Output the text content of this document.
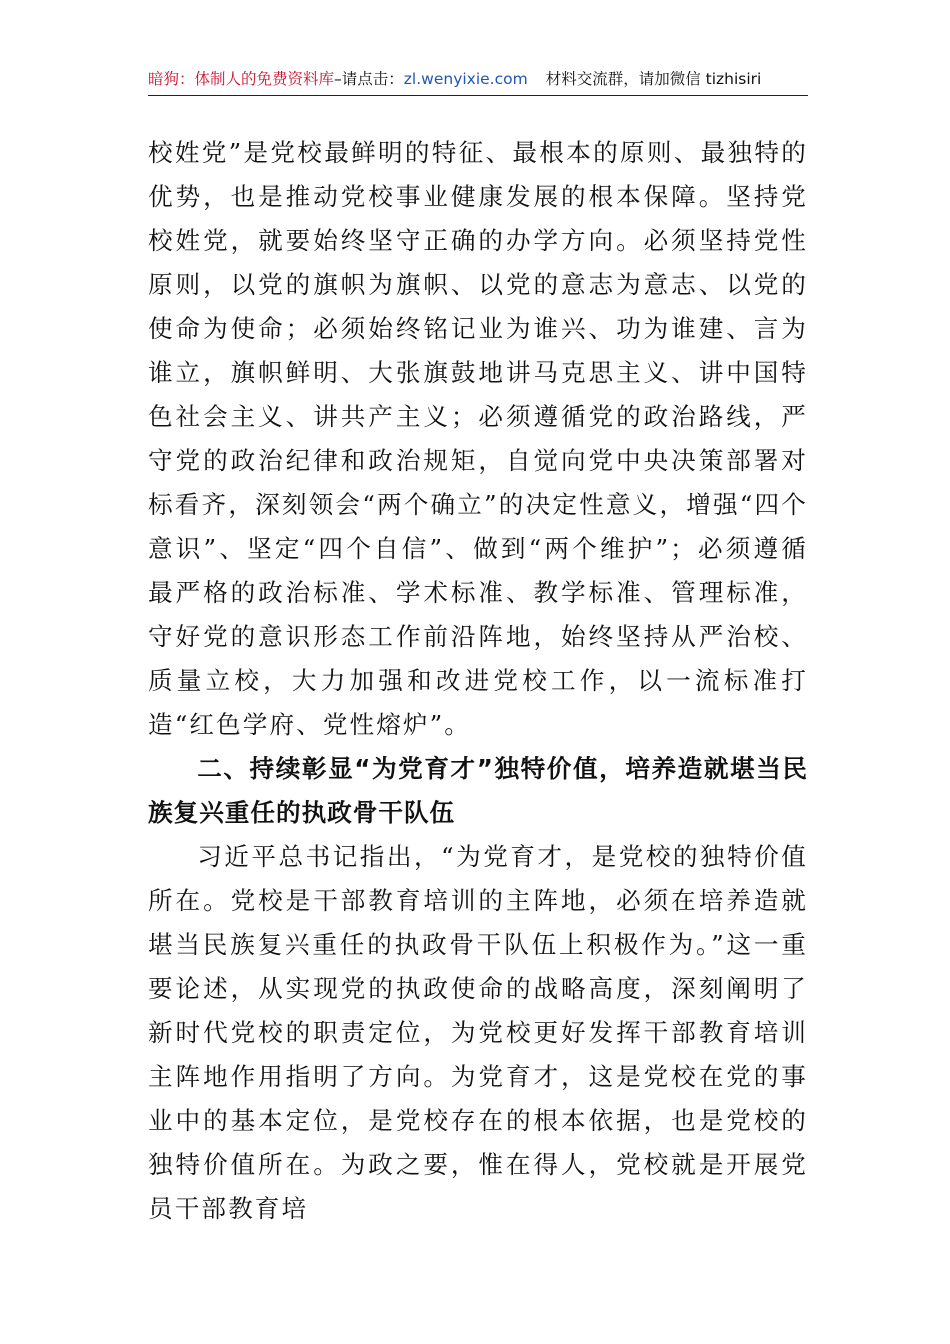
暗狗：体制人的免费资料库–请点击：zl.wenyixie.com 材料交流群，请加微信 tizhisiri

校姓党”是党校最鲜明的特征、最根本的原则、最独特的优势，也是推动党校事业健康发展的根本保障。坚持党校姓党，就要始终坚守正确的办学方向。必须坚持党性原则，以党的旗帜为旗帜、以党的意志为意志、以党的使命为使命；必须始终铭记业为谁兴、功为谁建、言为谁立，旗帜鲜明、大张旗鼓地讲马克思主义、讲中国特色社会主义、讲共产主义；必须遵循党的政治路线，严守党的政治纪律和政治规矩，自觉向党中央决策部署对标看齐，深刻领会“两个确立”的决定性意义，增强“四个意识”、坚定“四个自信”、做到“两个维护”；必须遵循最严格的政治标准、学术标准、教学标准、管理标准，守好党的意识形态工作前沿阵地，始终坚持从严治校、质量立校，大力加强和改进党校工作，以一流标准打造“红色学府、党性熔炉”。

二、持续彰显“为党育才”独特价值，培养造就堪当民族复兴重任的执政骨干队伍

习近平总书记指出，“为党育才，是党校的独特价值所在。党校是干部教育培训的主阵地，必须在培养造就堪当民族复兴重任的执政骨干队伍上积极作为。”这一重要论述，从实现党的执政使命的战略高度，深刻阐明了新时代党校的职责定位，为党校更好发挥干部教育培训主阵地作用指明了方向。为党育才，这是党校在党的事业中的基本定位，是党校存在的根本依据，也是党校的独特价值所在。为政之要，惟在得人，党校就是开展党员干部教育培
